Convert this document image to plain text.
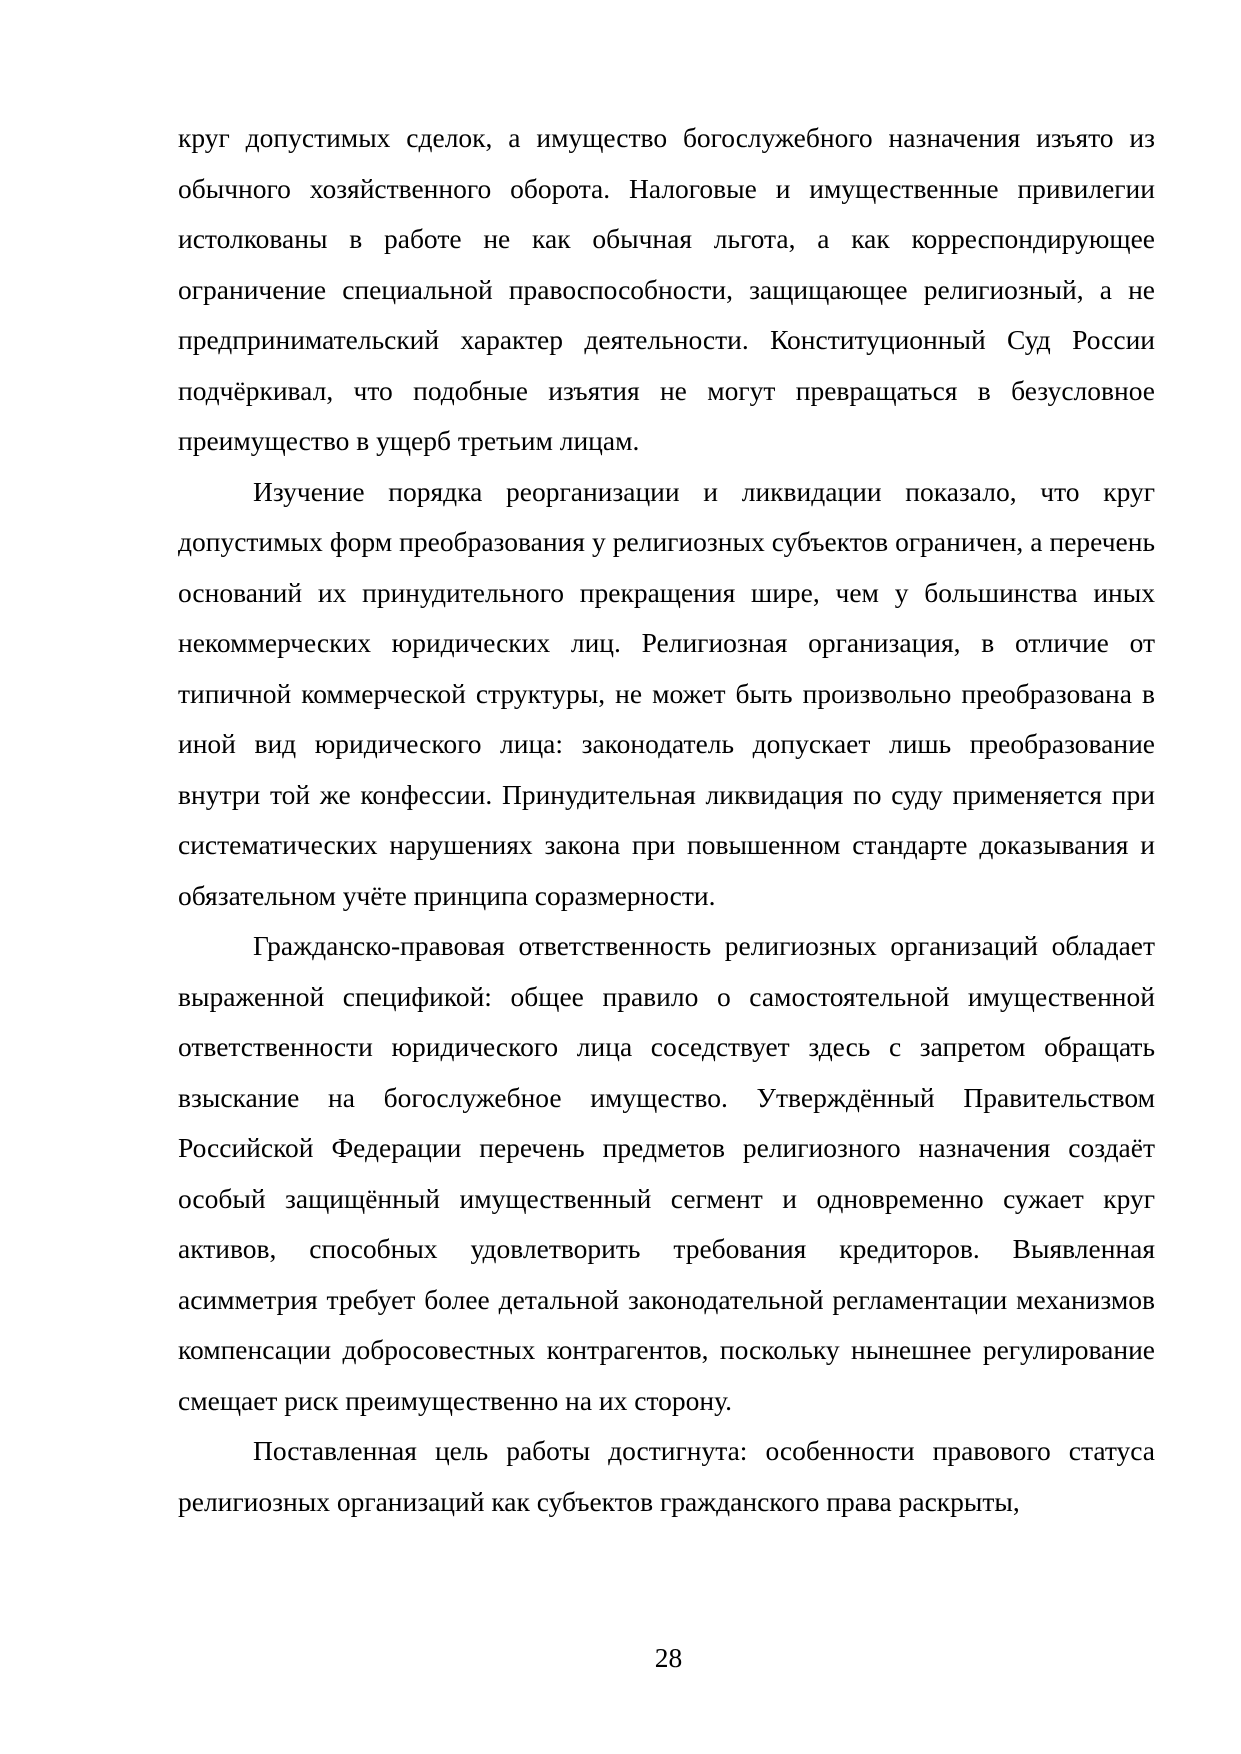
круг допустимых сделок, а имущество богослужебного назначения изъято из обычного хозяйственного оборота. Налоговые и имущественные привилегии истолкованы в работе не как обычная льгота, а как корреспондирующее ограничение специальной правоспособности, защищающее религиозный, а не предпринимательский характер деятельности. Конституционный Суд России подчёркивал, что подобные изъятия не могут превращаться в безусловное преимущество в ущерб третьим лицам.

Изучение порядка реорганизации и ликвидации показало, что круг допустимых форм преобразования у религиозных субъектов ограничен, а перечень оснований их принудительного прекращения шире, чем у большинства иных некоммерческих юридических лиц. Религиозная организация, в отличие от типичной коммерческой структуры, не может быть произвольно преобразована в иной вид юридического лица: законодатель допускает лишь преобразование внутри той же конфессии. Принудительная ликвидация по суду применяется при систематических нарушениях закона при повышенном стандарте доказывания и обязательном учёте принципа соразмерности.

Гражданско-правовая ответственность религиозных организаций обладает выраженной спецификой: общее правило о самостоятельной имущественной ответственности юридического лица соседствует здесь с запретом обращать взыскание на богослужебное имущество. Утверждённый Правительством Российской Федерации перечень предметов религиозного назначения создаёт особый защищённый имущественный сегмент и одновременно сужает круг активов, способных удовлетворить требования кредиторов. Выявленная асимметрия требует более детальной законодательной регламентации механизмов компенсации добросовестных контрагентов, поскольку нынешнее регулирование смещает риск преимущественно на их сторону.

Поставленная цель работы достигнута: особенности правового статуса религиозных организаций как субъектов гражданского права раскрыты,

28
